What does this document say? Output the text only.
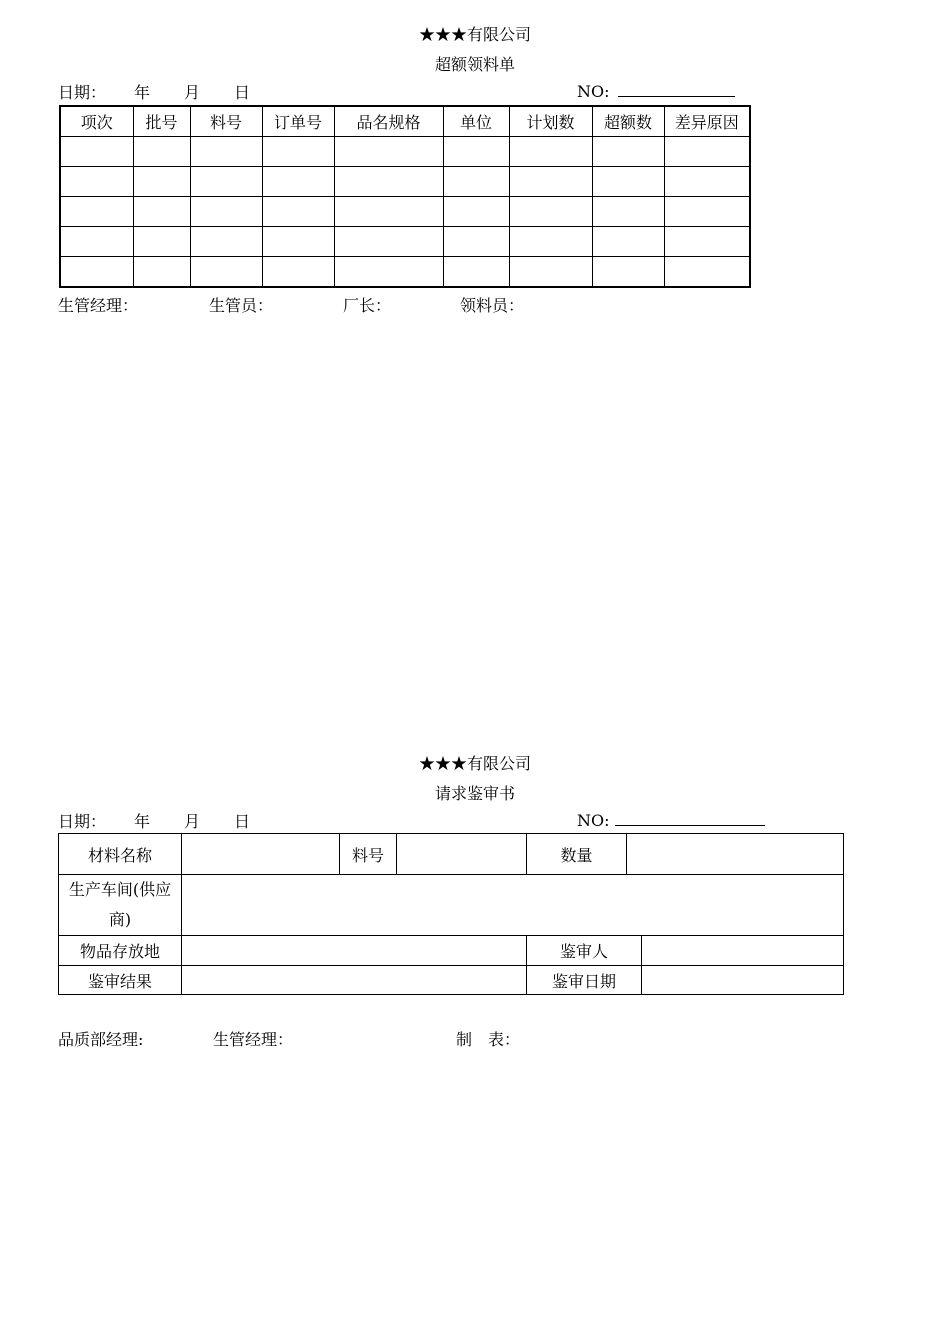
★★★有限公司
超额领料单
日期： 年 月 日	NO:
项次	批号	料号	订单号	品名规格	单位	计划数	超额数	差异原因

生管经理：	生管员：	厂长：	领料员：
★★★有限公司
请求鉴审书
日期： 年 月 日	NO:
材料名称		料号		数量		

生产车间(供应
商)						

物品存放地				鉴审人		
鉴审结果				鉴审日期		
品质部经理:	生管经理：	制　表：
